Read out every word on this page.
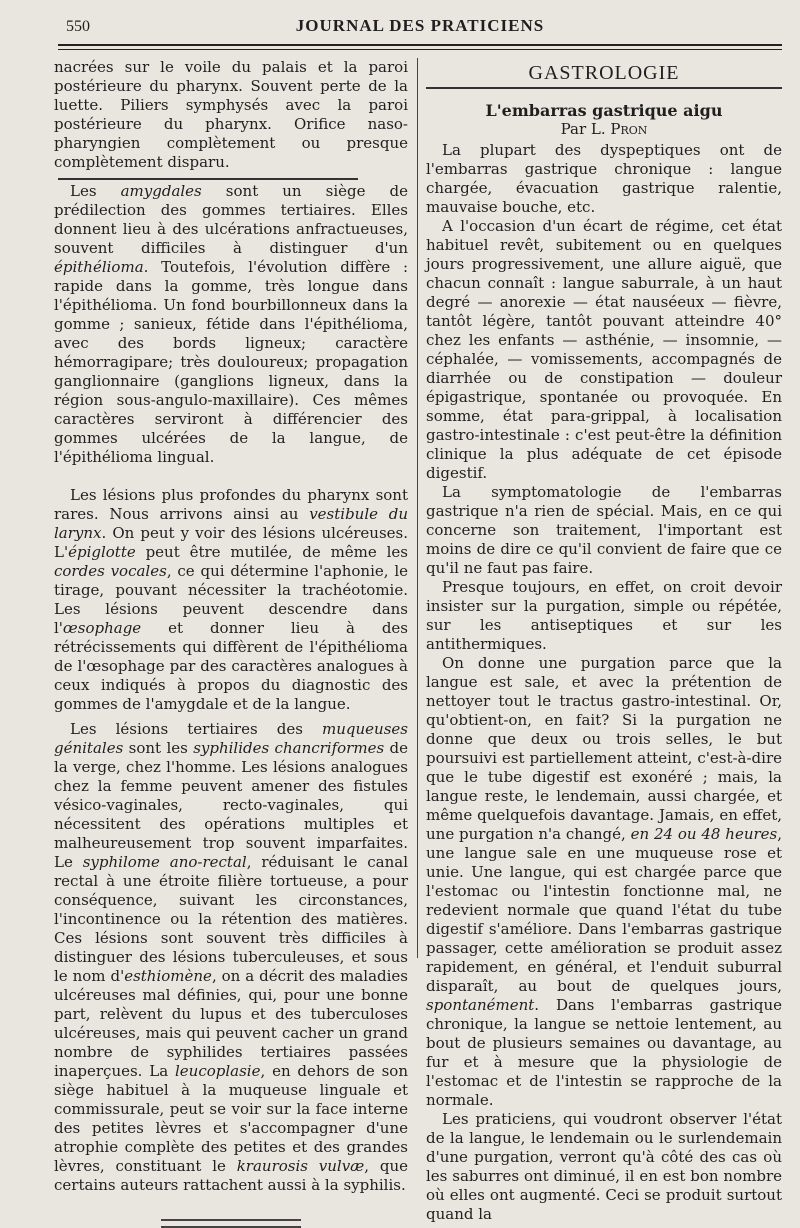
550	JOURNAL DES PRATICIENS

nacrées sur le voile du palais et la paroi postérieure du pharynx. Souvent perte de la luette. Piliers symphysés avec la paroi postérieure du pharynx. Orifice naso-pharyngien complètement ou presque complètement disparu.

Les amygdales sont un siège de prédilection des gommes tertiaires. Elles donnent lieu à des ulcérations anfractueuses, souvent difficiles à distinguer d'un épithélioma. Toutefois, l'évolution diffère : rapide dans la gomme, très longue dans l'épithélioma. Un fond bourbillonneux dans la gomme ; sanieux, fétide dans l'épithélioma, avec des bords ligneux; caractère hémorragipare; très douloureux; propagation ganglionnaire (ganglions ligneux, dans la région sous-angulo-maxillaire). Ces mêmes caractères serviront à différencier des gommes ulcérées de la langue, de l'épithélioma lingual.

Les lésions plus profondes du pharynx sont rares. Nous arrivons ainsi au vestibule du larynx. On peut y voir des lésions ulcéreuses. L'épiglotte peut être mutilée, de même les cordes vocales, ce qui détermine l'aphonie, le tirage, pouvant nécessiter la trachéotomie. Les lésions peuvent descendre dans l'œsophage et donner lieu à des rétrécissements qui diffèrent de l'épithélioma de l'œsophage par des caractères analogues à ceux indiqués à propos du diagnostic des gommes de l'amygdale et de la langue.

Les lésions tertiaires des muqueuses génitales sont les syphilides chancriformes de la verge, chez l'homme. Les lésions analogues chez la femme peuvent amener des fistules vésico-vaginales, recto-vaginales, qui nécessitent des opérations multiples et malheureusement trop souvent imparfaites. Le syphilome ano-rectal, réduisant le canal rectal à une étroite filière tortueuse, a pour conséquence, suivant les circonstances, l'incontinence ou la rétention des matières. Ces lésions sont souvent très difficiles à distinguer des lésions tuberculeuses, et sous le nom d'esthiomène, on a décrit des maladies ulcéreuses mal définies, qui, pour une bonne part, relèvent du lupus et des tuberculoses ulcéreuses, mais qui peuvent cacher un grand nombre de syphilides tertiaires passées inaperçues. La leucoplasie, en dehors de son siège habituel à la muqueuse linguale et commissurale, peut se voir sur la face interne des petites lèvres et s'accompagner d'une atrophie complète des petites et des grandes lèvres, constituant le kraurosis vulvæ, que certains auteurs rattachent aussi à la syphilis.

GASTROLOGIE
L'embarras gastrique aigu
Par L. Pron

La plupart des dyspeptiques ont de l'embarras gastrique chronique : langue chargée, évacuation gastrique ralentie, mauvaise bouche, etc.

A l'occasion d'un écart de régime, cet état habituel revêt, subitement ou en quelques jours progressivement, une allure aiguë, que chacun connaît : langue saburrale, à un haut degré — anorexie — état nauséeux — fièvre, tantôt légère, tantôt pouvant atteindre 40° chez les enfants — asthénie, — insomnie, — céphalée, — vomissements, accompagnés de diarrhée ou de constipation — douleur épigastrique, spontanée ou provoquée. En somme, état para-grippal, à localisation gastro-intestinale : c'est peut-être la définition clinique la plus adéquate de cet épisode digestif.

La symptomatologie de l'embarras gastrique n'a rien de spécial. Mais, en ce qui concerne son traitement, l'important est moins de dire ce qu'il convient de faire que ce qu'il ne faut pas faire.

Presque toujours, en effet, on croit devoir insister sur la purgation, simple ou répétée, sur les antiseptiques et sur les antithermiques.

On donne une purgation parce que la langue est sale, et avec la prétention de nettoyer tout le tractus gastro-intestinal. Or, qu'obtient-on, en fait? Si la purgation ne donne que deux ou trois selles, le but poursuivi est partiellement atteint, c'est-à-dire que le tube digestif est exonéré ; mais, la langue reste, le lendemain, aussi chargée, et même quelquefois davantage. Jamais, en effet, une purgation n'a changé, en 24 ou 48 heures, une langue sale en une muqueuse rose et unie. Une langue, qui est chargée parce que l'estomac ou l'intestin fonctionne mal, ne redevient normale que quand l'état du tube digestif s'améliore. Dans l'embarras gastrique passager, cette amélioration se produit assez rapidement, en général, et l'enduit suburral disparaît, au bout de quelques jours, spontanément. Dans l'embarras gastrique chronique, la langue se nettoie lentement, au bout de plusieurs semaines ou davantage, au fur et à mesure que la physiologie de l'estomac et de l'intestin se rapproche de la normale.

Les praticiens, qui voudront observer l'état de la langue, le lendemain ou le surlendemain d'une purgation, verront qu'à côté des cas où les saburres ont diminué, il en est bon nombre où elles ont augmenté. Ceci se produit surtout quand la
